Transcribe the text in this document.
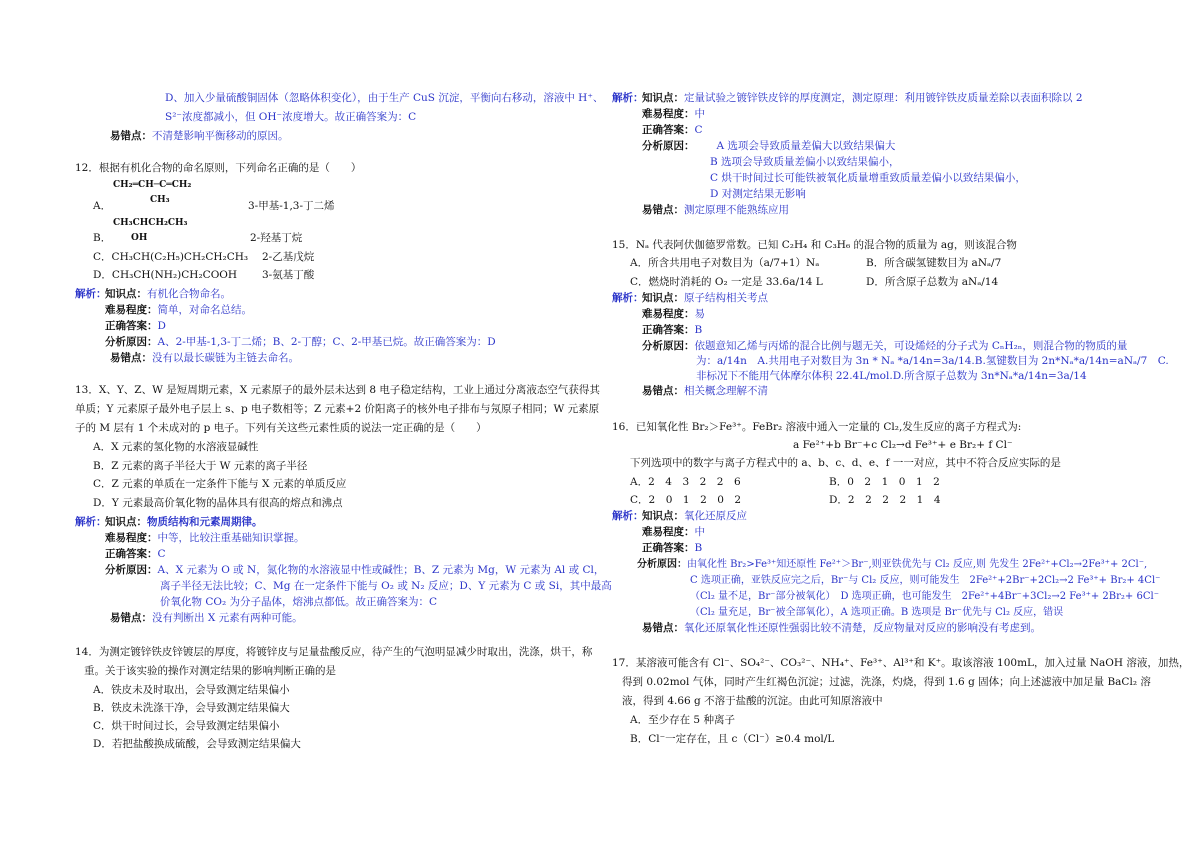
D、加入少量硫酸铜固体（忽略体积变化），由于生产 CuS 沉淀，平衡向右移动，溶液中 H⁺、
S²⁻浓度都减小，但 OH⁻浓度增大。故正确答案为：C
易错点：不清楚影响平衡移动的原因。
12．根据有机化合物的命名原则，下列命名正确的是（　　）
CH₂═CH─C═CH₂
CH₃
A．	3-甲基-1,3-丁二烯
CH₃CHCH₂CH₃
B． OH	2-羟基丁烷
C．CH₃CH(C₂H₅)CH₂CH₂CH₃ 2-乙基戊烷
D．CH₃CH(NH₂)CH₂COOH 3-氨基丁酸
解析：
知识点：有机化合物命名。
难易程度：简单，对命名总结。
正确答案：D
分析原因：A、2-甲基-1,3-丁二烯；B、2-丁醇；C、2-甲基已烷。故正确答案为：D
易错点：没有以最长碳链为主链去命名。
13．X、Y、Z、W 是短周期元素，X 元素原子的最外层未达到 8 电子稳定结构，工业上通过分离液态空气获得其
单质；Y 元素原子最外电子层上 s、p 电子数相等；Z 元素+2 价阳离子的核外电子排布与氖原子相同；W 元素原
子的 M 层有 1 个未成对的 p 电子。下列有关这些元素性质的说法一定正确的是（　　）
A．X 元素的氢化物的水溶液显碱性
B．Z 元素的离子半径大于 W 元素的离子半径
C．Z 元素的单质在一定条件下能与 X 元素的单质反应
D．Y 元素最高价氧化物的晶体具有很高的熔点和沸点
解析：
知识点：物质结构和元素周期律。
难易程度：中等，比较注重基础知识掌握。
正确答案：C
分析原因：A、X 元素为 O 或 N，氮化物的水溶液显中性或碱性；B、Z 元素为 Mg，W 元素为 Al 或 Cl，
离子半径无法比较；C、Mg 在一定条件下能与 O₂ 或 N₂ 反应；D、Y 元素为 C 或 Si，其中最高
价氧化物 CO₂ 为分子晶体，熔沸点都低。故正确答案为：C
易错点：没有判断出 X 元素有两种可能。
14．为测定镀锌铁皮锌镀层的厚度，将镀锌皮与足量盐酸反应，待产生的气泡明显减少时取出，洗涤，烘干，称
重。关于该实验的操作对测定结果的影响判断正确的是
A．铁皮未及时取出，会导致测定结果偏小
B．铁皮未洗涤干净，会导致测定结果偏大
C．烘干时间过长，会导致测定结果偏小
D．若把盐酸换成硫酸，会导致测定结果偏大
解析：
知识点：定量试验之镀锌铁皮锌的厚度测定，测定原理：利用镀锌铁皮质量差除以表面积除以 2
难易程度：中
正确答案：C
分析原因： A 选项会导致质量差偏大以致结果偏大
B 选项会导致质量差偏小以致结果偏小，
C 烘干时间过长可能铁被氧化质量增重致质量差偏小以致结果偏小，
D 对测定结果无影响
易错点：测定原理不能熟练应用
15．Nₐ 代表阿伏伽德罗常数。已知 C₂H₄ 和 C₃H₆ 的混合物的质量为 ag，则该混合物
A．所含共用电子对数目为（a/7+1）Nₐ	B．所含碳氢键数目为 aNₐ/7
C．燃烧时消耗的 O₂ 一定是 33.6a/14 L	D．所含原子总数为 aNₐ/14
解析：
知识点：原子结构相关考点
难易程度：易
正确答案：B
分析原因：依题意知乙烯与丙烯的混合比例与题无关，可设烯烃的分子式为 CₙH₂ₙ，则混合物的物质的量
为：a/14n　A.共用电子对数目为 3n * Nₐ *a/14n=3a/14.B.氢键数目为 2n*Nₐ*a/14n=aNₐ/7　C.
非标况下不能用气体摩尔体积 22.4L/mol.D.所含原子总数为 3n*Nₐ*a/14n=3a/14
易错点：相关概念理解不清
16．已知氧化性 Br₂＞Fe³⁺。FeBr₂ 溶液中通入一定量的 Cl₂,发生反应的离子方程式为:
a Fe²⁺+b Br⁻+c Cl₂→d Fe³⁺+ e Br₂+ f Cl⁻
下列选项中的数字与离子方程式中的 a、b、c、d、e、f 一一对应，其中不符合反应实际的是
A．2　4　3　2　2　6	B．0　2　1　0　1　2
C．2　0　1　2　0　2	D．2　2　2　2　1　4
解析：
知识点：氧化还原反应
难易程度：中
正确答案：B
分析原因：由氧化性 Br₂>Fe³⁺知还原性 Fe²⁺＞Br⁻,则亚铁优先与 Cl₂ 反应,则 先发生 2Fe²⁺+Cl₂→2Fe³⁺+ 2Cl⁻,
C 选项正确，亚铁反应完之后，Br⁻与 Cl₂ 反应，则可能发生　2Fe²⁺+2Br⁻+2Cl₂→2 Fe³⁺+ Br₂+ 4Cl⁻
（Cl₂ 量不足，Br⁻部分被氧化）　D 选项正确，也可能发生　2Fe²⁺+4Br⁻+3Cl₂→2 Fe³⁺+ 2Br₂+ 6Cl⁻
（Cl₂ 量充足，Br⁻被全部氧化），A 选项正确。B 选项是 Br⁻优先与 Cl₂ 反应，错误
易错点：氧化还原氧化性还原性强弱比较不清楚，反应物量对反应的影响没有考虑到。
17．某溶液可能含有 Cl⁻、SO₄²⁻、CO₃²⁻、NH₄⁺、Fe³⁺、Al³⁺和 K⁺。取该溶液 100mL，加入过量 NaOH 溶液，加热，
得到 0.02mol 气体，同时产生红褐色沉淀；过滤，洗涤，灼烧，得到 1.6 g 固体；向上述滤液中加足量 BaCl₂ 溶
液，得到 4.66 g 不溶于盐酸的沉淀。由此可知原溶液中
A．至少存在 5 种离子
B．Cl⁻一定存在，且 c（Cl⁻）≥0.4 mol/L
